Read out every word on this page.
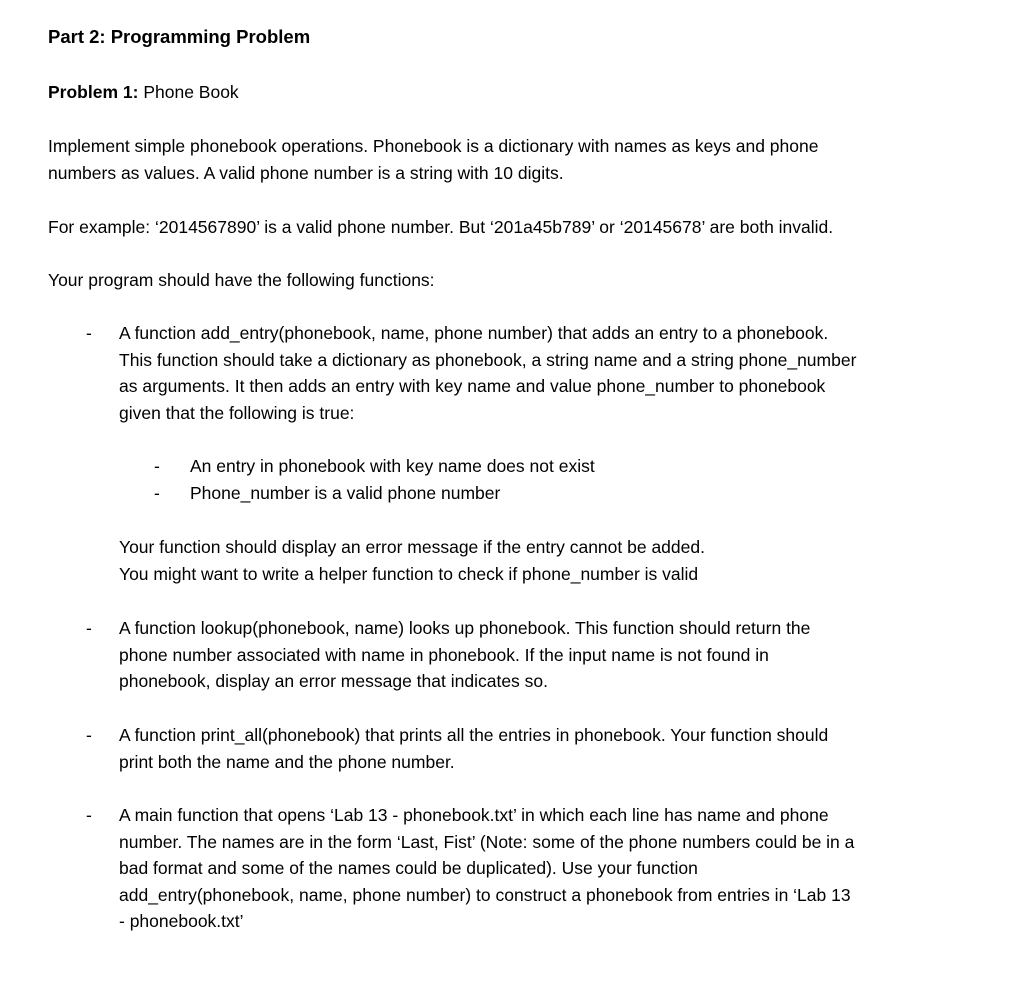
Part 2: Programming Problem
Problem 1: Phone Book
Implement simple phonebook operations. Phonebook is a dictionary with names as keys and phone
numbers as values. A valid phone number is a string with 10 digits.
For example: ‘2014567890’ is a valid phone number. But ‘201a45b789’ or ‘20145678’ are both invalid.
Your program should have the following functions:
- A function add_entry(phonebook, name, phone number) that adds an entry to a phonebook.
This function should take a dictionary as phonebook, a string name and a string phone_number
as arguments. It then adds an entry with key name and value phone_number to phonebook
given that the following is true:
- An entry in phonebook with key name does not exist
- Phone_number is a valid phone number
Your function should display an error message if the entry cannot be added.
You might want to write a helper function to check if phone_number is valid
- A function lookup(phonebook, name) looks up phonebook. This function should return the
phone number associated with name in phonebook. If the input name is not found in
phonebook, display an error message that indicates so.
- A function print_all(phonebook) that prints all the entries in phonebook. Your function should
print both the name and the phone number.
- A main function that opens ‘Lab 13 - phonebook.txt’ in which each line has name and phone
number. The names are in the form ‘Last, Fist’ (Note: some of the phone numbers could be in a
bad format and some of the names could be duplicated). Use your function
add_entry(phonebook, name, phone number) to construct a phonebook from entries in ‘Lab 13
- phonebook.txt’
